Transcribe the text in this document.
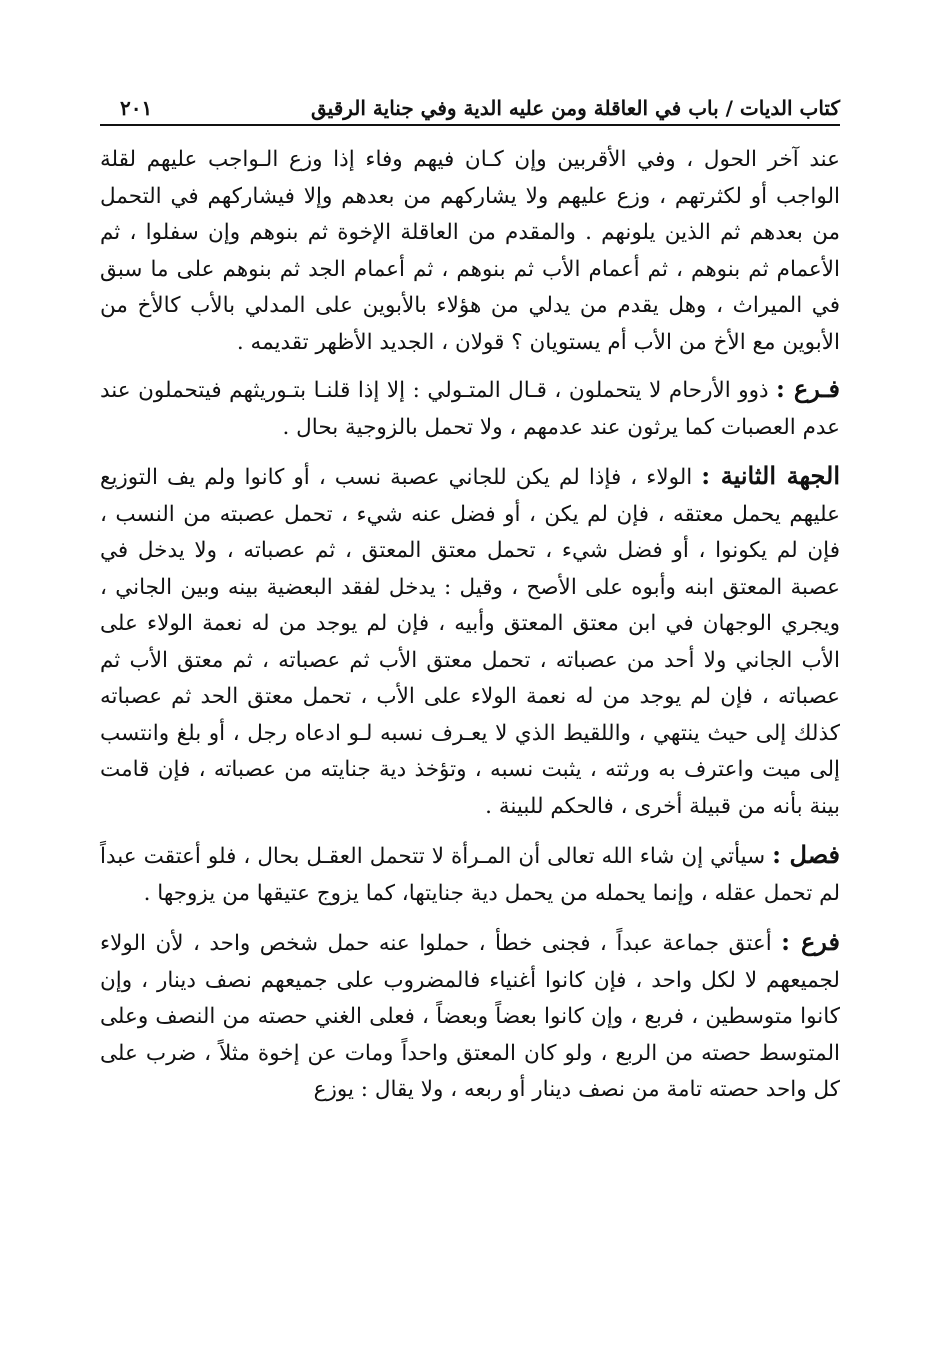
كتاب الديات / باب في العاقلة ومن عليه الدية وفي جناية الرقيق
٢٠١

عند آخر الحول ، وفي الأقربين وإن كـان فيهم وفاء إذا وزع الـواجب عليهم لقلة الواجب أو لكثرتهم ، وزع عليهم ولا يشاركهم من بعدهم وإلا فيشاركهم في التحمل من بعدهم ثم الذين يلونهم . والمقدم من العاقلة الإخوة ثم بنوهم وإن سفلوا ، ثم الأعمام ثم بنوهم ، ثم أعمام الأب ثم بنوهم ، ثم أعمام الجد ثم بنوهم على ما سبق في الميراث ، وهل يقدم من يدلي من هؤلاء بالأبوين على المدلي بالأب كالأخ من الأبوين مع الأخ من الأب أم يستويان ؟ قولان ، الجديد الأظهر تقديمه .

فـرع : ذوو الأرحام لا يتحملون ، قـال المتـولي : إلا إذا قلنـا بتـوريثهم فيتحملون عند عدم العصبات كما يرثون عند عدمهم ، ولا تحمل بالزوجية بحال .

الجهة الثانية : الولاء ، فإذا لم يكن للجاني عصبة نسب ، أو كانوا ولم يف التوزيع عليهم يحمل معتقه ، فإن لم يكن ، أو فضل عنه شيء ، تحمل عصبته من النسب ، فإن لم يكونوا ، أو فضل شيء ، تحمل معتق المعتق ، ثم عصباته ، ولا يدخل في عصبة المعتق ابنه وأبوه على الأصح ، وقيل : يدخل لفقد البعضية بينه وبين الجاني ، ويجري الوجهان في ابن معتق المعتق وأبيه ، فإن لم يوجد من له نعمة الولاء على الأب الجاني ولا أحد من عصباته ، تحمل معتق الأب ثم عصباته ، ثم معتق الأب ثم عصباته ، فإن لم يوجد من له نعمة الولاء على الأب ، تحمل معتق الحد ثم عصباته كذلك إلى حيث ينتهي ، واللقيط الذي لا يعـرف نسبه لـو ادعاه رجل ، أو بلغ وانتسب إلى ميت واعترف به ورثته ، يثبت نسبه ، وتؤخذ دية جنايته من عصباته ، فإن قامت بينة بأنه من قبيلة أخرى ، فالحكم للبينة .

فصل : سيأتي إن شاء الله تعالى أن المـرأة لا تتحمل العقـل بحال ، فلو أعتقت عبداً لم تحمل عقله ، وإنما يحمله من يحمل دية جنايتها، كما يزوج عتيقها من يزوجها .

فرع : أعتق جماعة عبداً ، فجنى خطأ ، حملوا عنه حمل شخص واحد ، لأن الولاء لجميعهم لا لكل واحد ، فإن كانوا أغنياء فالمضروب على جميعهم نصف دينار ، وإن كانوا متوسطين ، فربع ، وإن كانوا بعضاً وبعضاً ، فعلى الغني حصته من النصف وعلى المتوسط حصته من الربع ، ولو كان المعتق واحداً ومات عن إخوة مثلاً ، ضرب على كل واحد حصته تامة من نصف دينار أو ربعه ، ولا يقال : يوزع
